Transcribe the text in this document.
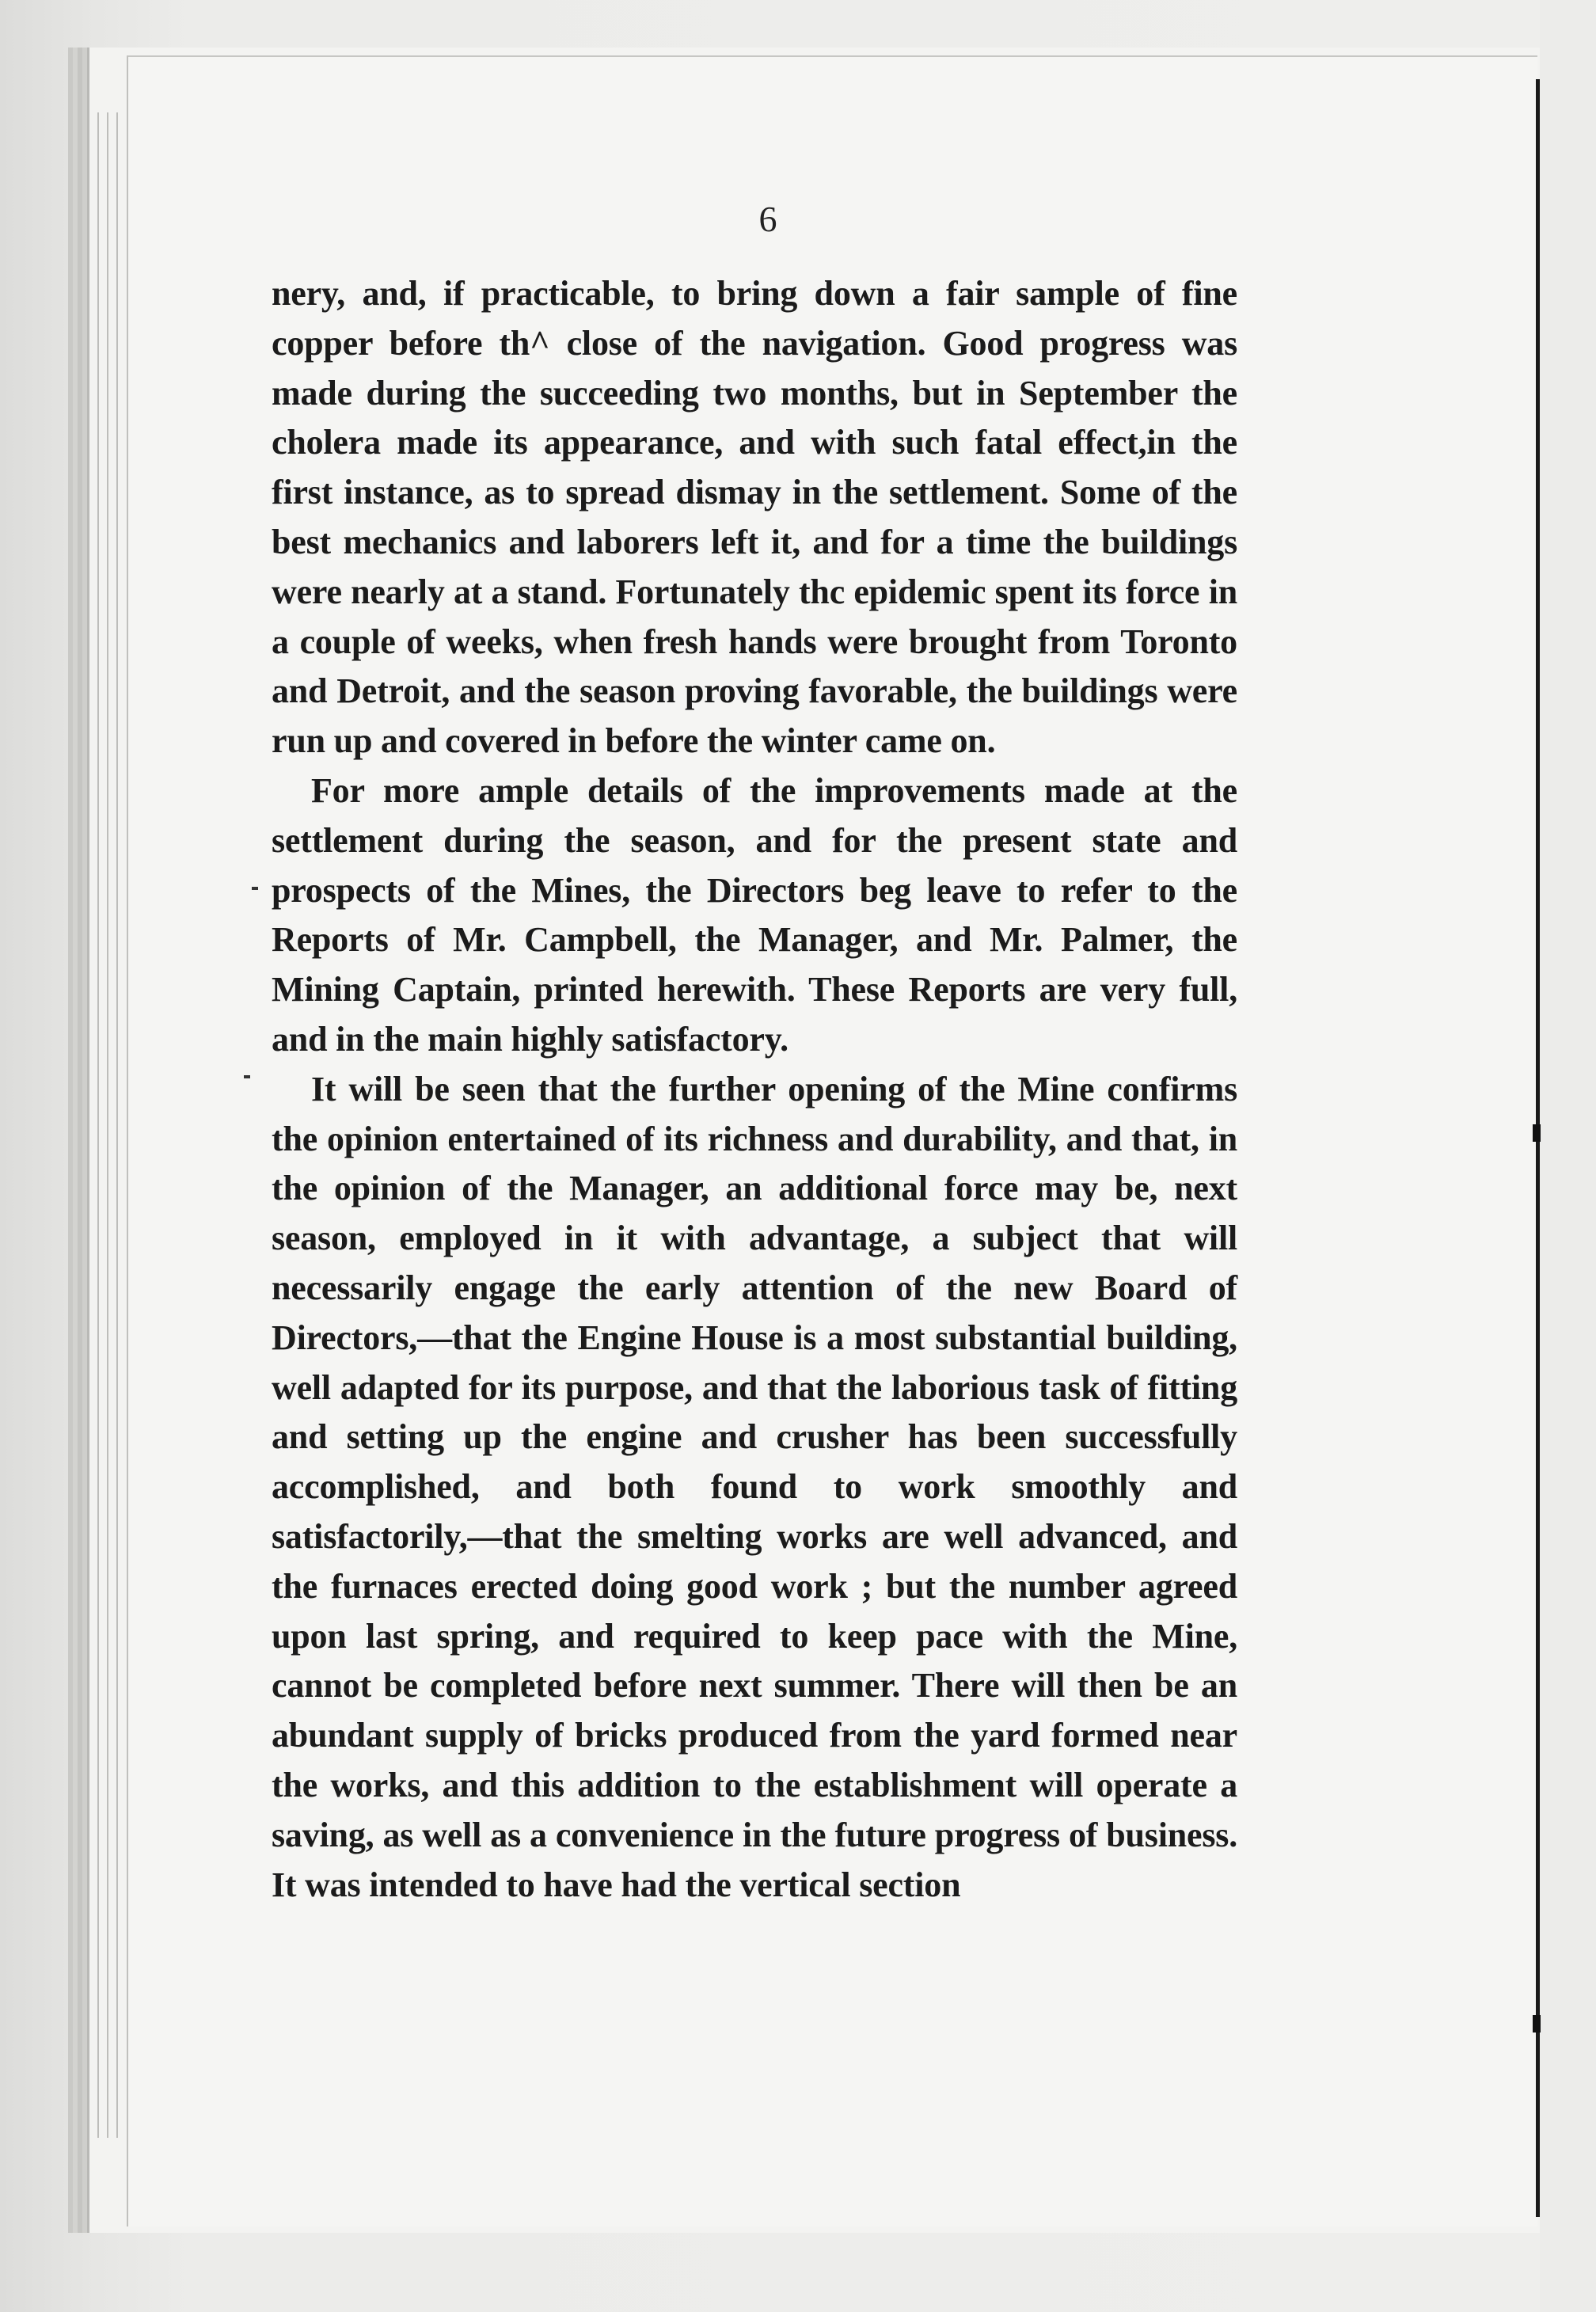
6

nery, and, if practicable, to bring down a fair sample of fine copper before th^ close of the navigation. Good progress was made during the succeeding two months, but in September the cholera made its appearance, and with such fatal effect,in the first instance, as to spread dismay in the settlement. Some of the best mechanics and laborers left it, and for a time the buildings were nearly at a stand. Fortunately thc epidemic spent its force in a couple of weeks, when fresh hands were brought from Toronto and Detroit, and the season proving favorable, the buildings were run up and covered in before the winter came on.

For more ample details of the improvements made at the settlement during the season, and for the present state and prospects of the Mines, the Directors beg leave to refer to the Reports of Mr. Campbell, the Manager, and Mr. Palmer, the Mining Captain, printed herewith. These Reports are very full, and in the main highly satisfactory.

It will be seen that the further opening of the Mine confirms the opinion entertained of its richness and durability, and that, in the opinion of the Manager, an additional force may be, next season, employed in it with advantage, a subject that will necessarily engage the early attention of the new Board of Directors,—that the Engine House is a most substantial building, well adapted for its purpose, and that the laborious task of fitting and setting up the engine and crusher has been successfully accomplished, and both found to work smoothly and satisfactorily,—that the smelting works are well advanced, and the furnaces erected doing good work ; but the number agreed upon last spring, and required to keep pace with the Mine, cannot be completed before next summer. There will then be an abundant supply of bricks produced from the yard formed near the works, and this addition to the establishment will operate a saving, as well as a convenience in the future progress of business. It was intended to have had the vertical section
